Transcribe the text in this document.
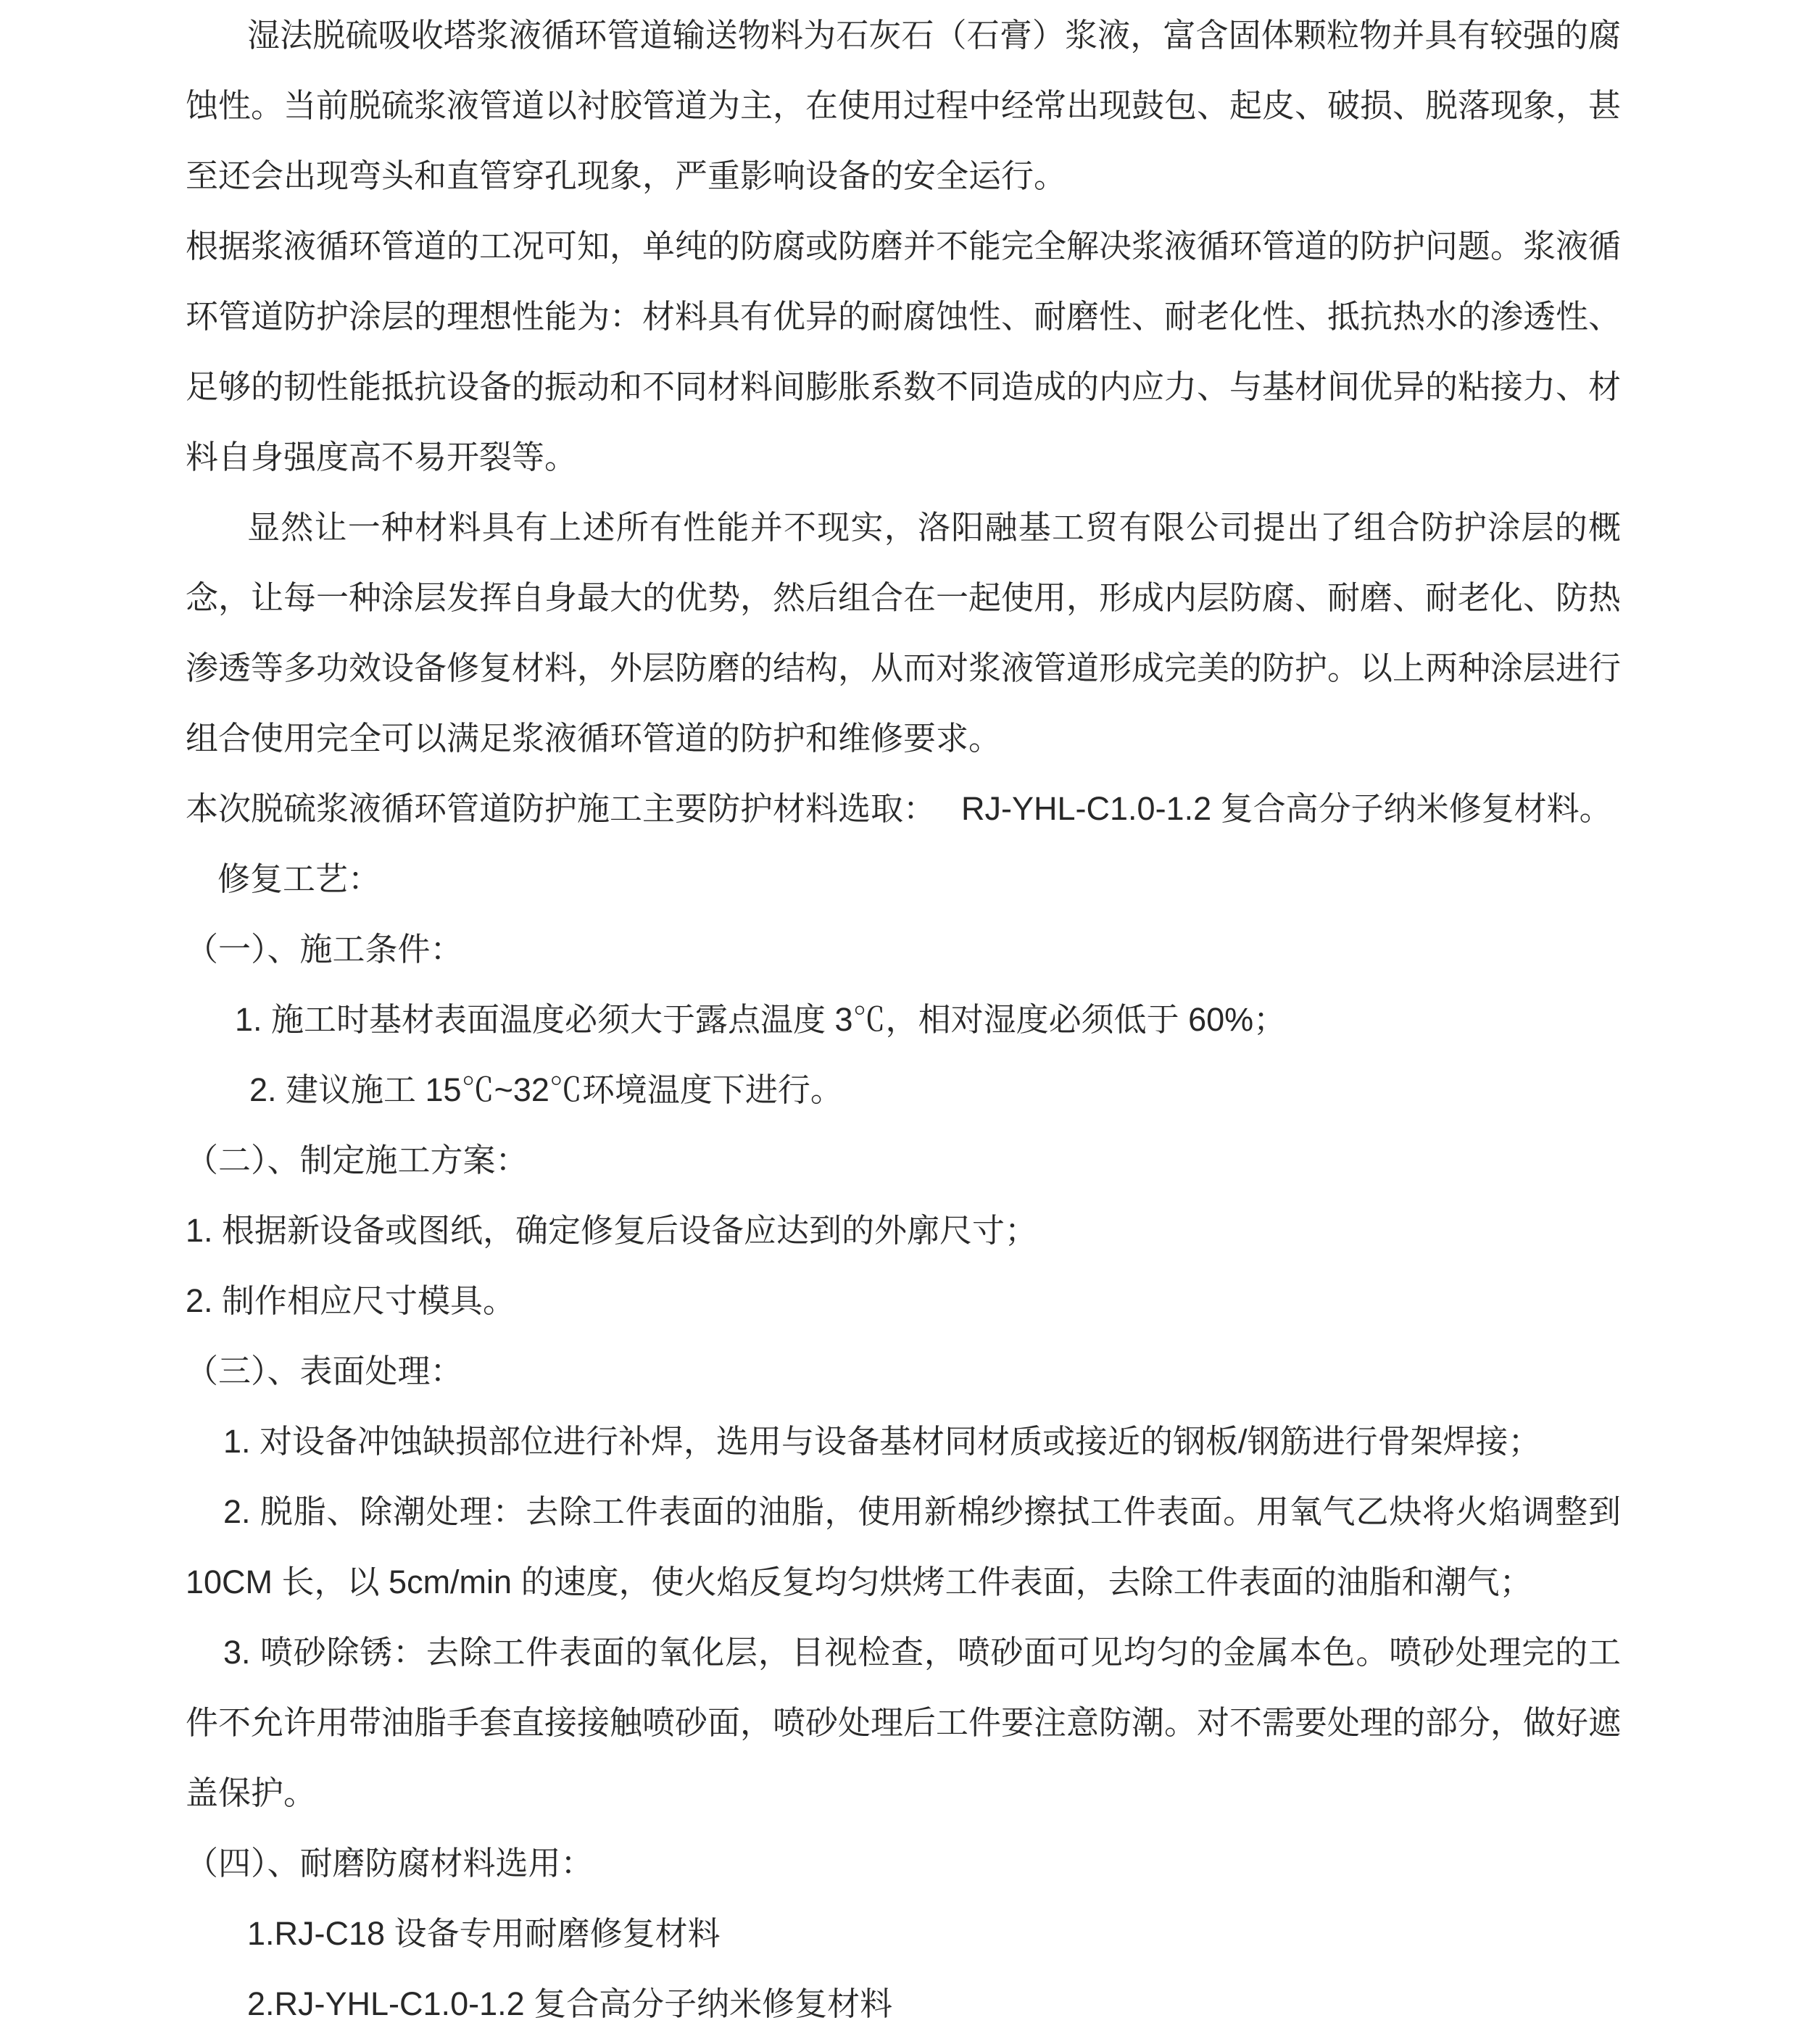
湿法脱硫吸收塔浆液循环管道输送物料为石灰石（石膏）浆液，富含固体颗粒物并具有较强的腐蚀性。当前脱硫浆液管道以衬胶管道为主，在使用过程中经常出现鼓包、起皮、破损、脱落现象，甚至还会出现弯头和直管穿孔现象，严重影响设备的安全运行。

根据浆液循环管道的工况可知，单纯的防腐或防磨并不能完全解决浆液循环管道的防护问题。浆液循环管道防护涂层的理想性能为：材料具有优异的耐腐蚀性、耐磨性、耐老化性、抵抗热水的渗透性、足够的韧性能抵抗设备的振动和不同材料间膨胀系数不同造成的内应力、与基材间优异的粘接力、材料自身强度高不易开裂等。

显然让一种材料具有上述所有性能并不现实，洛阳融基工贸有限公司提出了组合防护涂层的概念，让每一种涂层发挥自身最大的优势，然后组合在一起使用，形成内层防腐、耐磨、耐老化、防热渗透等多功效设备修复材料，外层防磨的结构，从而对浆液管道形成完美的防护。以上两种涂层进行组合使用完全可以满足浆液循环管道的防护和维修要求。

本次脱硫浆液循环管道防护施工主要防护材料选取：　 RJ-YHL-C1.0-1.2 复合高分子纳米修复材料。

修复工艺：

（一）、施工条件：

1. 施工时基材表面温度必须大于露点温度 3℃，相对湿度必须低于 60%；

2. 建议施工 15℃~32℃环境温度下进行。

（二）、制定施工方案：

1. 根据新设备或图纸，确定修复后设备应达到的外廓尺寸；

2. 制作相应尺寸模具。

（三）、表面处理：

1. 对设备冲蚀缺损部位进行补焊，选用与设备基材同材质或接近的钢板/钢筋进行骨架焊接；

2. 脱脂、除潮处理：去除工件表面的油脂，使用新棉纱擦拭工件表面。用氧气乙炔将火焰调整到 10CM 长，以 5cm/min 的速度，使火焰反复均匀烘烤工件表面，去除工件表面的油脂和潮气；

3. 喷砂除锈：去除工件表面的氧化层，目视检查，喷砂面可见均匀的金属本色。喷砂处理完的工件不允许用带油脂手套直接接触喷砂面，喷砂处理后工件要注意防潮。对不需要处理的部分，做好遮盖保护。

（四）、耐磨防腐材料选用：

1.RJ-C18 设备专用耐磨修复材料

2.RJ-YHL-C1.0-1.2 复合高分子纳米修复材料
